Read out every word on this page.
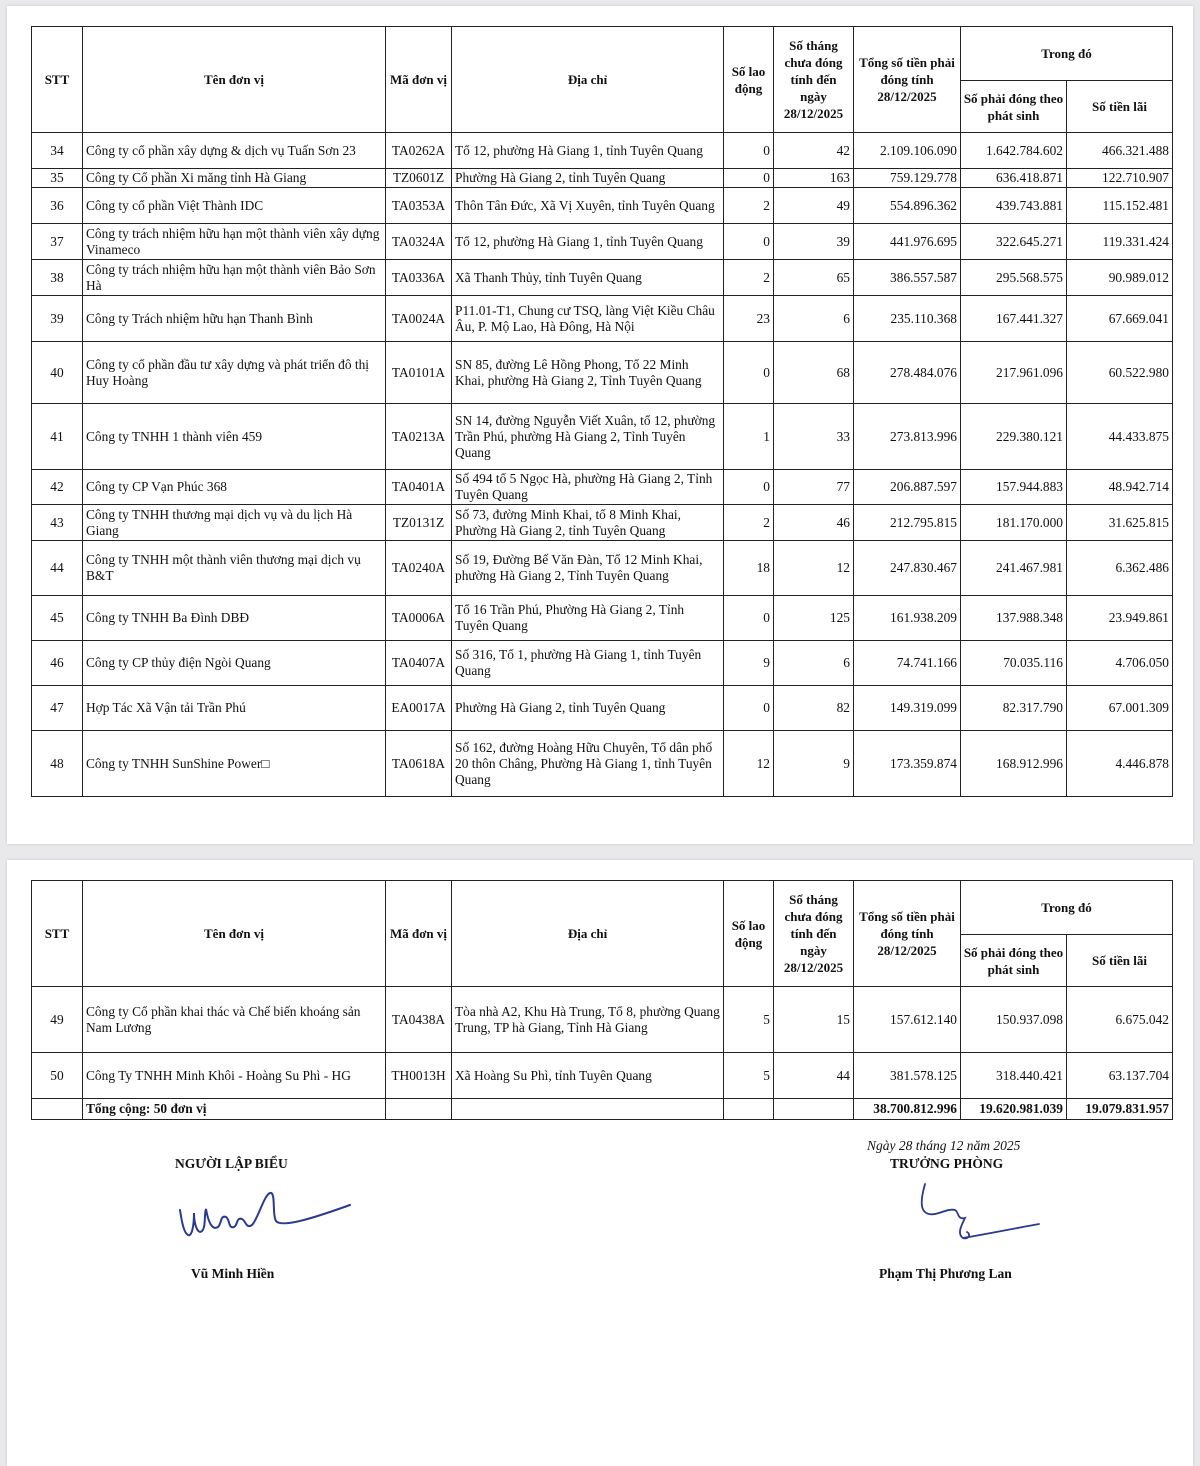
STT	Tên đơn vị	Mã đơn vị	Địa chỉ	Số lao động	Số tháng chưa đóng tính đến ngày 28/12/2025	Tổng số tiền phải đóng tính 28/12/2025	Trong đó	
							Số phải đóng theo phát sinh	Số tiền lãi
34	Công ty cổ phần xây dựng & dịch vụ Tuấn Sơn 23	TA0262A	Tổ 12, phường Hà Giang 1, tỉnh Tuyên Quang	0	42	2.109.106.090	1.642.784.602	466.321.488
35	Công ty Cổ phần Xi măng tỉnh Hà Giang	TZ0601Z	Phường Hà Giang 2, tỉnh Tuyên Quang	0	163	759.129.778	636.418.871	122.710.907
36	Công ty cổ phần Việt Thành IDC	TA0353A	Thôn Tân Đức, Xã Vị Xuyên, tỉnh Tuyên Quang	2	49	554.896.362	439.743.881	115.152.481
37	Công ty trách nhiệm hữu hạn một thành viên xây dựng Vinameco	TA0324A	Tổ 12, phường Hà Giang 1, tỉnh Tuyên Quang	0	39	441.976.695	322.645.271	119.331.424
38	Công ty trách nhiệm hữu hạn một thành viên Bảo Sơn Hà	TA0336A	Xã Thanh Thủy, tỉnh Tuyên Quang	2	65	386.557.587	295.568.575	90.989.012
39	Công ty Trách nhiệm hữu hạn Thanh Bình	TA0024A	P11.01-T1, Chung cư TSQ, làng Việt Kiều Châu Âu, P. Mộ Lao, Hà Đông, Hà Nội	23	6	235.110.368	167.441.327	67.669.041
40	Công ty cổ phần đầu tư xây dựng và phát triển đô thị Huy Hoàng	TA0101A	SN 85, đường Lê Hồng Phong, Tổ 22 Minh Khai, phường Hà Giang 2, Tỉnh Tuyên Quang	0	68	278.484.076	217.961.096	60.522.980
41	Công ty TNHH 1 thành viên 459	TA0213A	SN 14, đường Nguyễn Viết Xuân, tổ 12, phường Trần Phú, phường Hà Giang 2, Tỉnh Tuyên Quang	1	33	273.813.996	229.380.121	44.433.875
42	Công ty CP Vạn Phúc 368	TA0401A	Số 494 tổ 5 Ngọc Hà, phường Hà Giang 2, Tỉnh Tuyên Quang	0	77	206.887.597	157.944.883	48.942.714
43	Công ty TNHH thương mại dịch vụ và du lịch Hà Giang	TZ0131Z	Số 73, đường Minh Khai, tổ 8 Minh Khai, Phường Hà Giang 2, tỉnh Tuyên Quang	2	46	212.795.815	181.170.000	31.625.815
44	Công ty TNHH một thành viên thương mại dịch vụ B&T	TA0240A	Số 19, Đường Bế Văn Đàn, Tổ 12 Minh Khai, phường Hà Giang 2, Tỉnh Tuyên Quang	18	12	247.830.467	241.467.981	6.362.486
45	Công ty TNHH Ba Đình DBĐ	TA0006A	Tổ 16 Trần Phú, Phường Hà Giang 2, Tỉnh Tuyên Quang	0	125	161.938.209	137.988.348	23.949.861
46	Công ty CP thủy điện Ngòi Quang	TA0407A	Số 316, Tổ 1, phường Hà Giang 1, tỉnh Tuyên Quang	9	6	74.741.166	70.035.116	4.706.050
47	Hợp Tác Xã Vận tải Trần Phú	EA0017A	Phường Hà Giang 2, tỉnh Tuyên Quang	0	82	149.319.099	82.317.790	67.001.309
48	Công ty TNHH SunShine Power□	TA0618A	Số 162, đường Hoàng Hữu Chuyên, Tổ dân phố 20 thôn Châng, Phường Hà Giang 1, tỉnh Tuyên Quang	12	9	173.359.874	168.912.996	4.446.878
STT	Tên đơn vị	Mã đơn vị	Địa chỉ	Số lao động	Số tháng chưa đóng tính đến ngày 28/12/2025	Tổng số tiền phải đóng tính 28/12/2025	Trong đó	
							Số phải đóng theo phát sinh	Số tiền lãi
49	Công ty Cổ phần khai thác và Chế biến khoáng sản Nam Lương	TA0438A	Tòa nhà A2, Khu Hà Trung, Tổ 8, phường Quang Trung, TP hà Giang, Tỉnh Hà Giang	5	15	157.612.140	150.937.098	6.675.042
50	Công Ty TNHH Minh Khôi - Hoàng Su Phì - HG	TH0013H	Xã Hoàng Su Phì, tỉnh Tuyên Quang	5	44	381.578.125	318.440.421	63.137.704
	Tổng cộng: 50 đơn vị					38.700.812.996	19.620.981.039	19.079.831.957
NGƯỜI LẬP BIỂU
Vũ Minh Hiền
Ngày 28 tháng 12 năm 2025
TRƯỞNG PHÒNG
Phạm Thị Phương Lan
